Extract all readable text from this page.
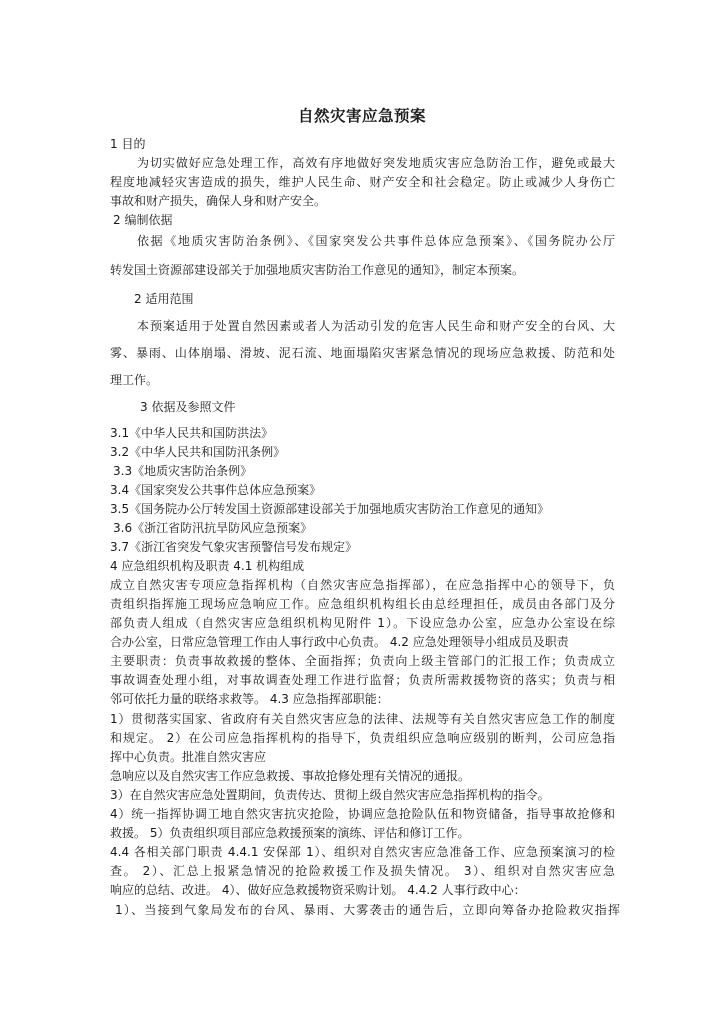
自然灾害应急预案
1 目的
为切实做好应急处理工作，高效有序地做好突发地质灾害应急防治工作，避免或最大
程度地减轻灾害造成的损失，维护人民生命、财产安全和社会稳定。防止或减少人身伤亡
事故和财产损失，确保人身和财产安全。
2 编制依据
依据《地质灾害防治条例》、《国家突发公共事件总体应急预案》、《国务院办公厅
转发国土资源部建设部关于加强地质灾害防治工作意见的通知》，制定本预案。
2 适用范围
本预案适用于处置自然因素或者人为活动引发的危害人民生命和财产安全的台风、大
雾、暴雨、山体崩塌、滑坡、泥石流、地面塌陷灾害紧急情况的现场应急救援、防范和处
理工作。
3 依据及参照文件
3.1《中华人民共和国防洪法》
3.2《中华人民共和国防汛条例》
3.3《地质灾害防治条例》
3.4《国家突发公共事件总体应急预案》
3.5《国务院办公厅转发国土资源部建设部关于加强地质灾害防治工作意见的通知》
3.6《浙江省防汛抗旱防风应急预案》
3.7《浙江省突发气象灾害预警信号发布规定》
4 应急组织机构及职责 4.1 机构组成
成立自然灾害专项应急指挥机构（自然灾害应急指挥部），在应急指挥中心的领导下，负
责组织指挥施工现场应急响应工作。应急组织机构组长由总经理担任，成员由各部门及分
部负责人组成（自然灾害应急组织机构见附件 1）。下设应急办公室，应急办公室设在综
合办公室，日常应急管理工作由人事行政中心负责。 4.2 应急处理领导小组成员及职责
主要职责：负责事故救援的整体、全面指挥；负责向上级主管部门的汇报工作；负责成立
事故调查处理小组，对事故调查处理工作进行监督；负责所需救援物资的落实；负责与相
邻可依托力量的联络求救等。 4.3 应急指挥部职能：
1）贯彻落实国家、省政府有关自然灾害应急的法律、法规等有关自然灾害应急工作的制度
和规定。 2）在公司应急指挥机构的指导下，负责组织应急响应级别的断判，公司应急指
挥中心负责。批准自然灾害应
急响应以及自然灾害工作应急救援、事故抢修处理有关情况的通报。
3）在自然灾害应急处置期间，负责传达、贯彻上级自然灾害应急指挥机构的指令。
4）统一指挥协调工地自然灾害抗灾抢险，协调应急抢险队伍和物资储备，指导事故抢修和
救援。 5）负责组织项目部应急救援预案的演练、评估和修订工作。
4.4 各相关部门职责 4.4.1 安保部 1）、组织对自然灾害应急准备工作、应急预案演习的检
查。 2）、汇总上报紧急情况的抢险救援工作及损失情况。 3）、组织对自然灾害应急
响应的总结、改进。 4）、做好应急救援物资采购计划。 4.4.2 人事行政中心：
1）、当接到气象局发布的台风、暴雨、大雾袭击的通告后，立即向筹备办抢险救灾指挥
